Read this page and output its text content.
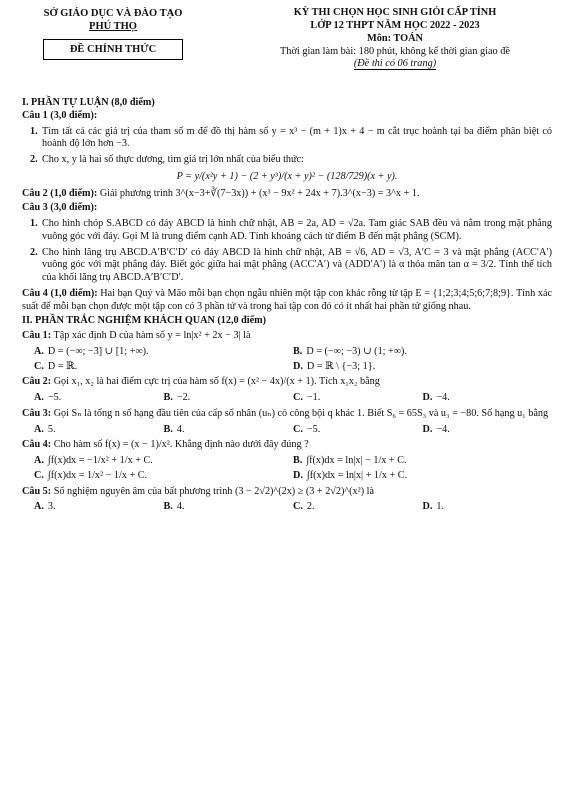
SỞ GIÁO DỤC VÀ ĐÀO TẠO
PHÚ THỌ
ĐỀ CHÍNH THỨC
KỲ THI CHỌN HỌC SINH GIỎI CẤP TỈNH
LỚP 12 THPT NĂM HỌC 2022 - 2023
Môn: TOÁN
Thời gian làm bài: 180 phút, không kể thời gian giao đề
(Đề thi có 06 trang)
I. PHẦN TỰ LUẬN (8,0 điểm)
Câu 1 (3,0 điểm):
1. Tìm tất cả các giá trị của tham số m để đồ thị hàm số y = x³ − (m + 1)x + 4 − m cắt trục hoành tại ba điểm phân biệt có hoành độ lớn hơn −3.
2. Cho x, y là hai số thực dương, tìm giá trị lớn nhất của biểu thức:
P = y/(x²y + 1) − (2 + y³)/(x + y)² − (128/729)(x + y).
Câu 2 (1,0 điểm): Giải phương trình 3^(x−3+∛(7−3x)) + (x³ − 9x² + 24x + 7).3^(x−3) = 3^x + 1.
Câu 3 (3,0 điểm):
1. Cho hình chóp S.ABCD có đáy ABCD là hình chữ nhật, AB = 2a, AD = √2a. Tam giác SAB đều và nằm trong mặt phẳng vuông góc với đáy. Gọi M là trung điểm cạnh AD. Tính khoảng cách từ điểm B đến mặt phẳng (SCM).
2. Cho hình lăng trụ ABCD.A′B′C′D′ có đáy ABCD là hình chữ nhật, AB = √6, AD = √3, A′C = 3 và mặt phẳng (ACC′A′) vuông góc với mặt phẳng đáy. Biết góc giữa hai mặt phẳng (ACC′A′) và (ADD′A′) là α thỏa mãn tan α = 3/2. Tính thể tích của khối lăng trụ ABCD.A′B′C′D′.
Câu 4 (1,0 điểm): Hai bạn Quý và Mão mỗi bạn chọn ngẫu nhiên một tập con khác rỗng từ tập E = {1;2;3;4;5;6;7;8;9}. Tính xác suất để mỗi bạn chọn được một tập con có 3 phần tử và trong hai tập con đó có ít nhất hai phần tử giống nhau.
II. PHẦN TRẮC NGHIỆM KHÁCH QUAN (12,0 điểm)
Câu 1: Tập xác định D của hàm số y = ln|x² + 2x − 3| là
A. D = (−∞; −3] ∪ [1; +∞).	B. D = (−∞; −3) ∪ (1; +∞).
C. D = ℝ.	D. D = ℝ \ {−3; 1}.
Câu 2: Gọi x₁, x₂ là hai điểm cực trị của hàm số f(x) = (x² − 4x)/(x + 1). Tích x₁x₂ bằng
A. −5.	B. −2.	C. −1.	D. −4.
Câu 3: Gọi Sₙ là tổng n số hạng đầu tiên của cấp số nhân (uₙ) có công bội q khác 1. Biết S₆ = 65S₃ và u₃ = −80. Số hạng u₁ bằng
A. 5.	B. 4.	C. −5.	D. −4.
Câu 4: Cho hàm số f(x) = (x − 1)/x². Khẳng định nào dưới đây đúng ?
A. ∫f(x)dx = −1/x² + 1/x + C.	B. ∫f(x)dx = ln|x| − 1/x + C.
C. ∫f(x)dx = 1/x² − 1/x + C.	D. ∫f(x)dx = ln|x| + 1/x + C.
Câu 5: Số nghiệm nguyên âm của bất phương trình (3 − 2√2)^(2x) ≥ (3 + 2√2)^(x²) là
A. 3.	B. 4.	C. 2.	D. 1.
